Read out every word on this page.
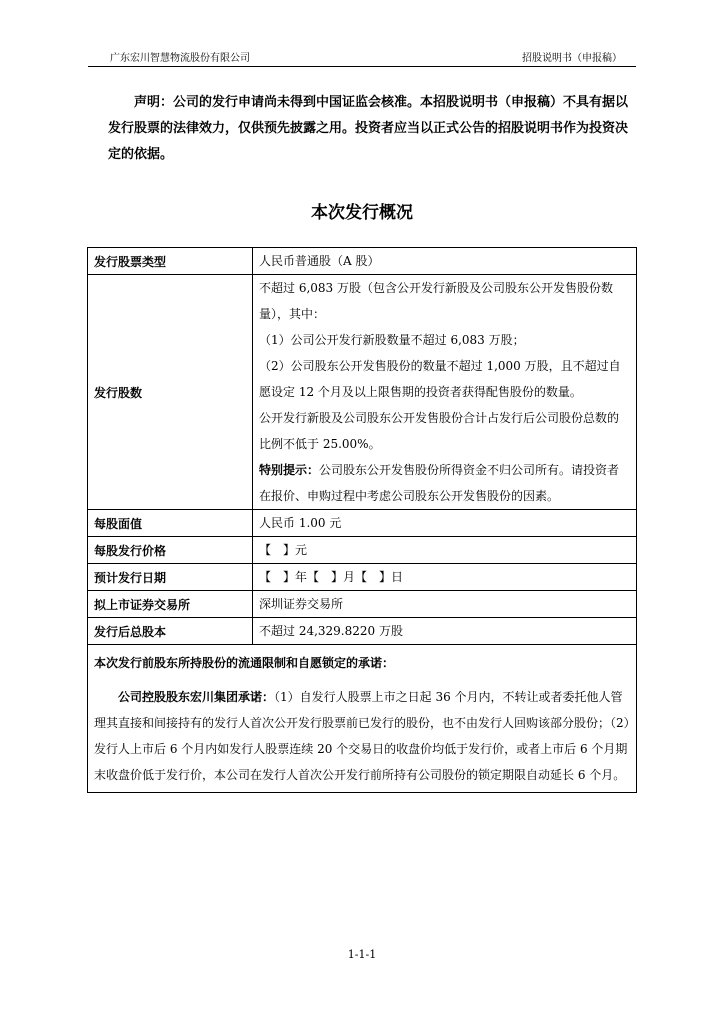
广东宏川智慧物流股份有限公司	招股说明书（申报稿）

声明：公司的发行申请尚未得到中国证监会核准。本招股说明书（申报稿）不具有据以发行股票的法律效力，仅供预先披露之用。投资者应当以正式公告的招股说明书作为投资决定的依据。

本次发行概况
发行股票类型	人民币普通股（A 股）
发行股数	不超过 6,083 万股（包含公开发行新股及公司股东公开发售股份数量），其中：

（1）公司公开发行新股数量不超过 6,083 万股；

（2）公司股东公开发售股份的数量不超过 1,000 万股，且不超过自愿设定 12 个月及以上限售期的投资者获得配售股份的数量。

公开发行新股及公司股东公开发售股份合计占发行后公司股份总数的比例不低于 25.00%。

特别提示：公司股东公开发售股份所得资金不归公司所有。请投资者在报价、申购过程中考虑公司股东公开发售股份的因素。

每股面值	人民币 1.00 元
每股发行价格	【　】元
预计发行日期	【　】年【　】月【　】日
拟上市证券交易所	深圳证券交易所
发行后总股本	不超过 24,329.8220 万股

本次发行前股东所持股份的流通限制和自愿锁定的承诺：
公司控股股东宏川集团承诺：（1）自发行人股票上市之日起 36 个月内，不转让或者委托他人管理其直接和间接持有的发行人首次公开发行股票前已发行的股份，也不由发行人回购该部分股份；（2）发行人上市后 6 个月内如发行人股票连续 20 个交易日的收盘价均低于发行价，或者上市后 6 个月期末收盘价低于发行价，本公司在发行人首次公开发行前所持有公司股份的锁定期限自动延长 6 个月。	
1-1-1
